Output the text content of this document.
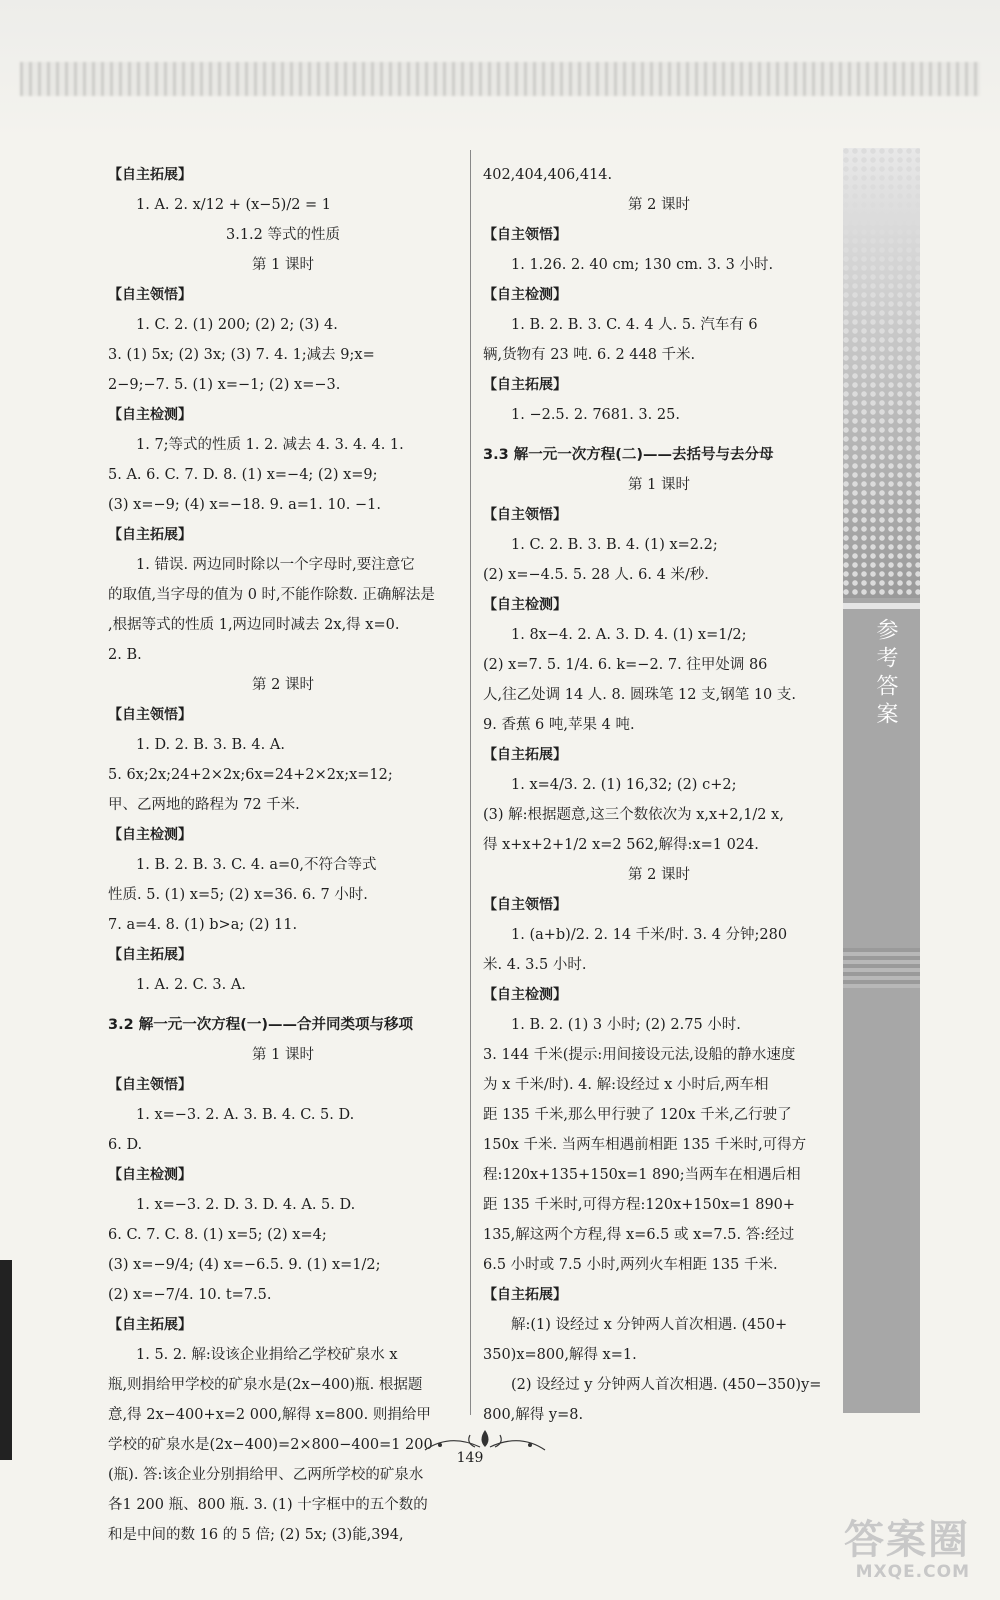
【自主拓展】
1. A. 2. x/12 + (x−5)/2 = 1
3.1.2 等式的性质
第 1 课时
【自主领悟】
1. C. 2. (1) 200; (2) 2; (3) 4.
3. (1) 5x; (2) 3x; (3) 7. 4. 1;减去 9;x=
2−9;−7. 5. (1) x=−1; (2) x=−3.
【自主检测】
1. 7;等式的性质 1. 2. 减去 4. 3. 4. 4. 1.
5. A. 6. C. 7. D. 8. (1) x=−4; (2) x=9;
(3) x=−9; (4) x=−18. 9. a=1. 10. −1.
【自主拓展】
1. 错误. 两边同时除以一个字母时,要注意它
的取值,当字母的值为 0 时,不能作除数. 正确解法是
,根据等式的性质 1,两边同时减去 2x,得 x=0.
2. B.
第 2 课时
【自主领悟】
1. D. 2. B. 3. B. 4. A.
5. 6x;2x;24+2×2x;6x=24+2×2x;x=12;
甲、乙两地的路程为 72 千米.
【自主检测】
1. B. 2. B. 3. C. 4. a=0,不符合等式
性质. 5. (1) x=5; (2) x=36. 6. 7 小时.
7. a=4. 8. (1) b>a; (2) 11.
【自主拓展】
1. A. 2. C. 3. A.
3.2 解一元一次方程(一)——合并同类项与移项
第 1 课时
【自主领悟】
1. x=−3. 2. A. 3. B. 4. C. 5. D.
6. D.
【自主检测】
1. x=−3. 2. D. 3. D. 4. A. 5. D.
6. C. 7. C. 8. (1) x=5; (2) x=4;
(3) x=−9/4; (4) x=−6.5. 9. (1) x=1/2;
(2) x=−7/4. 10. t=7.5.
【自主拓展】
1. 5. 2. 解:设该企业捐给乙学校矿泉水 x
瓶,则捐给甲学校的矿泉水是(2x−400)瓶. 根据题
意,得 2x−400+x=2 000,解得 x=800. 则捐给甲
学校的矿泉水是(2x−400)=2×800−400=1 200
(瓶). 答:该企业分别捐给甲、乙两所学校的矿泉水
各1 200 瓶、800 瓶. 3. (1) 十字框中的五个数的
和是中间的数 16 的 5 倍; (2) 5x; (3)能,394,
402,404,406,414.
第 2 课时
【自主领悟】
1. 1.26. 2. 40 cm; 130 cm. 3. 3 小时.
【自主检测】
1. B. 2. B. 3. C. 4. 4 人. 5. 汽车有 6
辆,货物有 23 吨. 6. 2 448 千米.
【自主拓展】
1. −2.5. 2. 7681. 3. 25.
3.3 解一元一次方程(二)——去括号与去分母
第 1 课时
【自主领悟】
1. C. 2. B. 3. B. 4. (1) x=2.2;
(2) x=−4.5. 5. 28 人. 6. 4 米/秒.
【自主检测】
1. 8x−4. 2. A. 3. D. 4. (1) x=1/2;
(2) x=7. 5. 1/4. 6. k=−2. 7. 往甲处调 86
人,往乙处调 14 人. 8. 圆珠笔 12 支,钢笔 10 支.
9. 香蕉 6 吨,苹果 4 吨.
【自主拓展】
1. x=4/3. 2. (1) 16,32; (2) c+2;
(3) 解:根据题意,这三个数依次为 x,x+2,1/2 x,
得 x+x+2+1/2 x=2 562,解得:x=1 024.
第 2 课时
【自主领悟】
1. (a+b)/2. 2. 14 千米/时. 3. 4 分钟;280
米. 4. 3.5 小时.
【自主检测】
1. B. 2. (1) 3 小时; (2) 2.75 小时.
3. 144 千米(提示:用间接设元法,设船的静水速度
为 x 千米/时). 4. 解:设经过 x 小时后,两车相
距 135 千米,那么甲行驶了 120x 千米,乙行驶了
150x 千米. 当两车相遇前相距 135 千米时,可得方
程:120x+135+150x=1 890;当两车在相遇后相
距 135 千米时,可得方程:120x+150x=1 890+
135,解这两个方程,得 x=6.5 或 x=7.5. 答:经过
6.5 小时或 7.5 小时,两列火车相距 135 千米.
【自主拓展】
解:(1) 设经过 x 分钟两人首次相遇. (450+
350)x=800,解得 x=1.
(2) 设经过 y 分钟两人首次相遇. (450−350)y=
800,解得 y=8.
参考答案
149
答案圈
MXQE.COM
